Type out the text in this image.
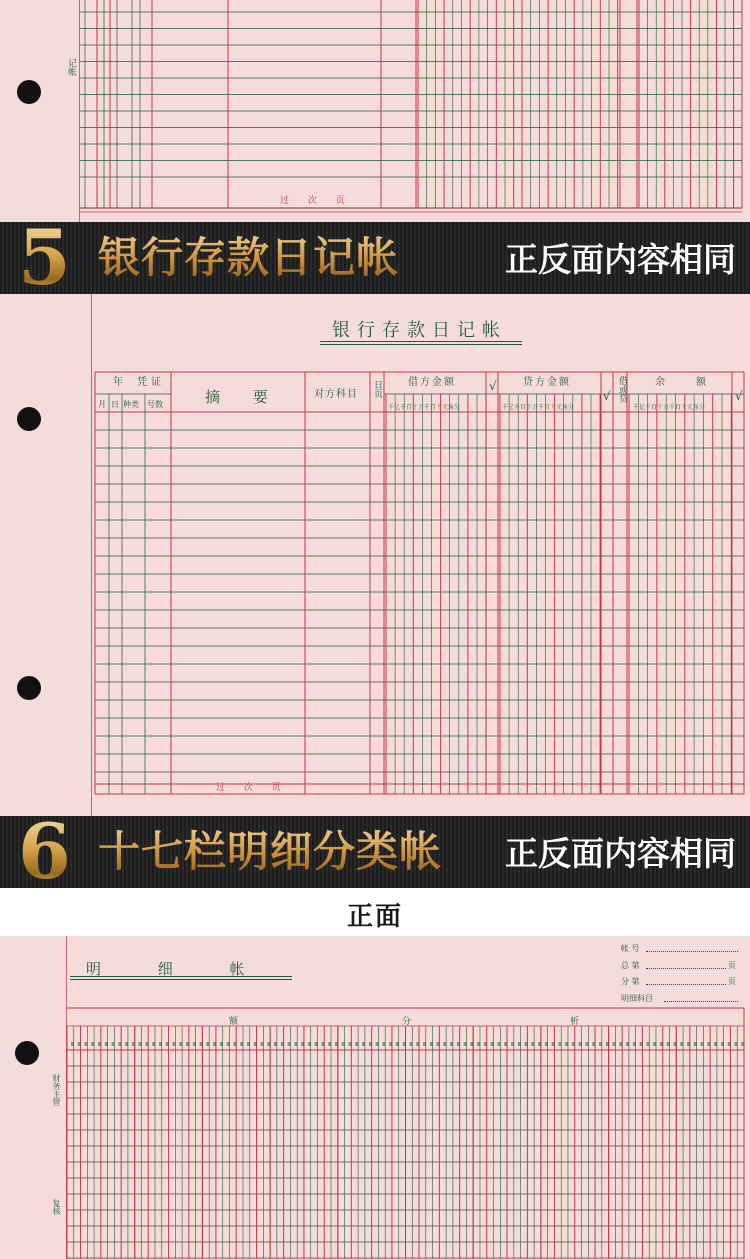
记帐
过 次 页
5 银行存款日记帐	正反面内容相同
银行存款日记帐
年 凭证
月 日 种类 号数	摘 要	对方科目 日页	借方金额	贷方金额	借或贷	余 额
√
√	√
千亿千百十万千百十元角分	千亿千百十万千百十元角分	千亿千百十万千百十元角分
过 次 页
6 十七栏明细分类帐 正反面内容相同
正面
明 细 帐
帐 号
总 第	页
分 第	页
明细科目
额	分	析
财务主管
复核
